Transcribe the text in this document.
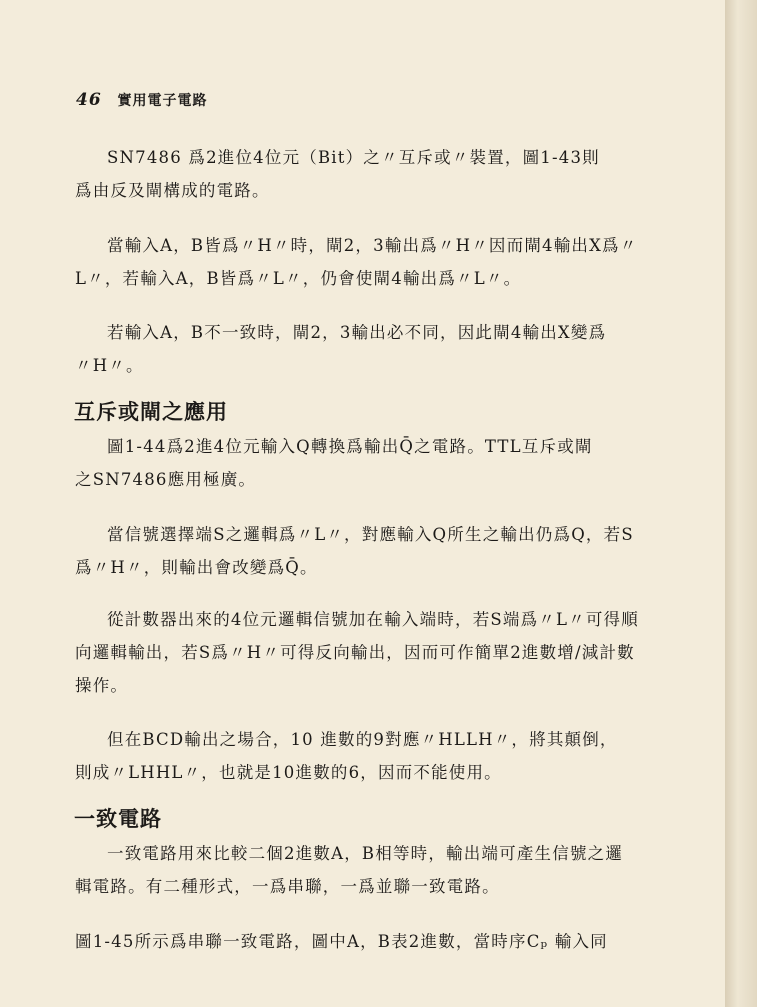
46 實用電子電路
SN7486 爲2進位4位元（Bit）之〃互斥或〃裝置，圖1-43則
爲由反及閘構成的電路。
當輸入A，B皆爲〃H〃時，閘2，3輸出爲〃H〃因而閘4輸出X爲〃
L〃，若輸入A，B皆爲〃L〃，仍會使閘4輸出爲〃L〃。
若輸入A，B不一致時，閘2，3輸出必不同，因此閘4輸出X變爲
〃H〃。
互斥或閘之應用
圖1-44爲2進4位元輸入Q轉換爲輸出Q̄之電路。TTL互斥或閘
之SN7486應用極廣。
當信號選擇端S之邏輯爲〃L〃，對應輸入Q所生之輸出仍爲Q，若S
爲〃H〃，則輸出會改變爲Q̄。
從計數器出來的4位元邏輯信號加在輸入端時，若S端爲〃L〃可得順
向邏輯輸出，若S爲〃H〃可得反向輸出，因而可作簡單2進數增/減計數
操作。
但在BCD輸出之場合，10 進數的9對應〃HLLH〃，將其顛倒，
則成〃LHHL〃，也就是10進數的6，因而不能使用。
一致電路
一致電路用來比較二個2進數A，B相等時，輸出端可產生信號之邏
輯電路。有二種形式，一爲串聯，一爲並聯一致電路。
圖1-45所示爲串聯一致電路，圖中A，B表2進數，當時序Cₚ 輸入同
